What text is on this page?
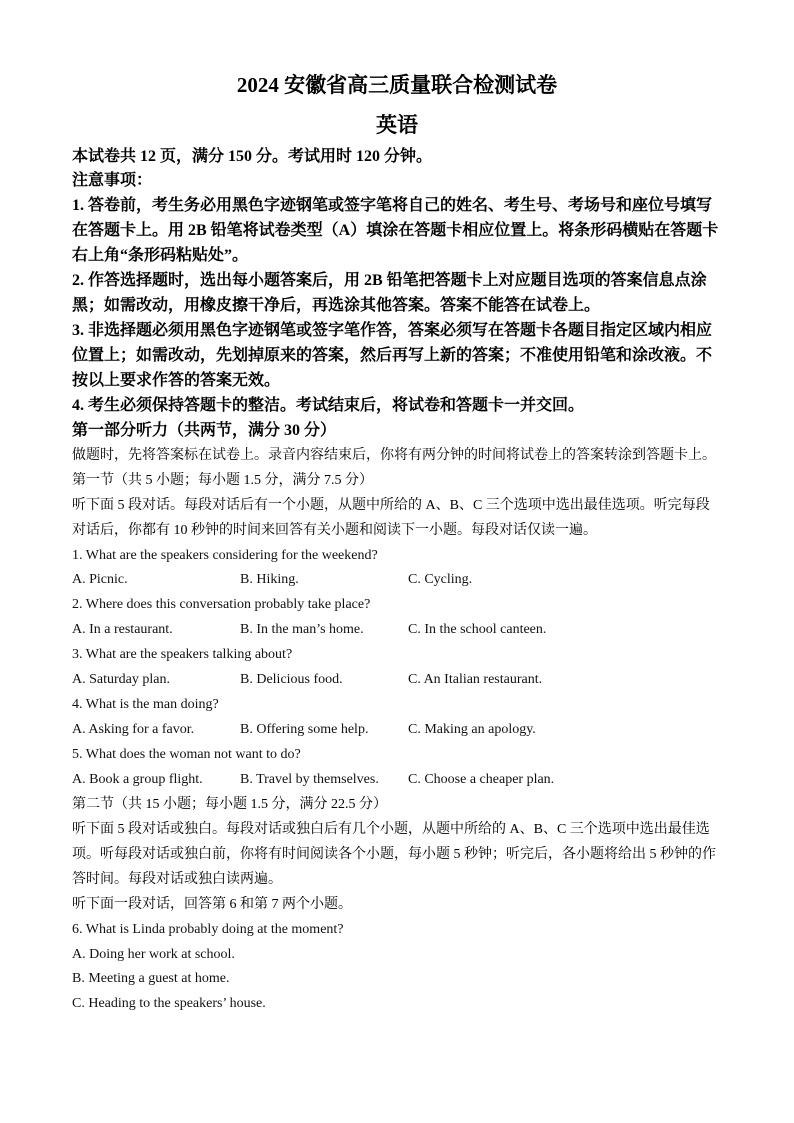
2024 安徽省高三质量联合检测试卷
英语
本试卷共 12 页，满分 150 分。考试用时 120 分钟。
注意事项：
1. 答卷前，考生务必用黑色字迹钢笔或签字笔将自己的姓名、考生号、考场号和座位号填写
在答题卡上。用 2B 铅笔将试卷类型（A）填涂在答题卡相应位置上。将条形码横贴在答题卡
右上角“条形码粘贴处”。
2. 作答选择题时，选出每小题答案后，用 2B 铅笔把答题卡上对应题目选项的答案信息点涂
黑；如需改动，用橡皮擦干净后，再选涂其他答案。答案不能答在试卷上。
3. 非选择题必须用黑色字迹钢笔或签字笔作答，答案必须写在答题卡各题目指定区域内相应
位置上；如需改动，先划掉原来的答案，然后再写上新的答案；不准使用铅笔和涂改液。不
按以上要求作答的答案无效。
4. 考生必须保持答题卡的整洁。考试结束后，将试卷和答题卡一并交回。
第一部分听力（共两节，满分 30 分）
做题时，先将答案标在试卷上。录音内容结束后，你将有两分钟的时间将试卷上的答案转涂到答题卡上。
第一节（共 5 小题；每小题 1.5 分，满分 7.5 分）
听下面 5 段对话。每段对话后有一个小题，从题中所给的 A、B、C 三个选项中选出最佳选项。听完每段
对话后，你都有 10 秒钟的时间来回答有关小题和阅读下一小题。每段对话仅读一遍。
1. What are the speakers considering for the weekend?
A. Picnic.	B. Hiking.	C. Cycling.
2. Where does this conversation probably take place?
A. In a restaurant.	B. In the man’s home.	C. In the school canteen.
3. What are the speakers talking about?
A. Saturday plan.	B. Delicious food.	C. An Italian restaurant.
4. What is the man doing?
A. Asking for a favor.	B. Offering some help.	C. Making an apology.
5. What does the woman not want to do?
A. Book a group flight.	B. Travel by themselves.	C. Choose a cheaper plan.
第二节（共 15 小题；每小题 1.5 分，满分 22.5 分）
听下面 5 段对话或独白。每段对话或独白后有几个小题，从题中所给的 A、B、C 三个选项中选出最佳选
项。听每段对话或独白前，你将有时间阅读各个小题，每小题 5 秒钟；听完后，各小题将给出 5 秒钟的作
答时间。每段对话或独白读两遍。
听下面一段对话，回答第 6 和第 7 两个小题。
6. What is Linda probably doing at the moment?
A. Doing her work at school.
B. Meeting a guest at home.
C. Heading to the speakers’ house.
